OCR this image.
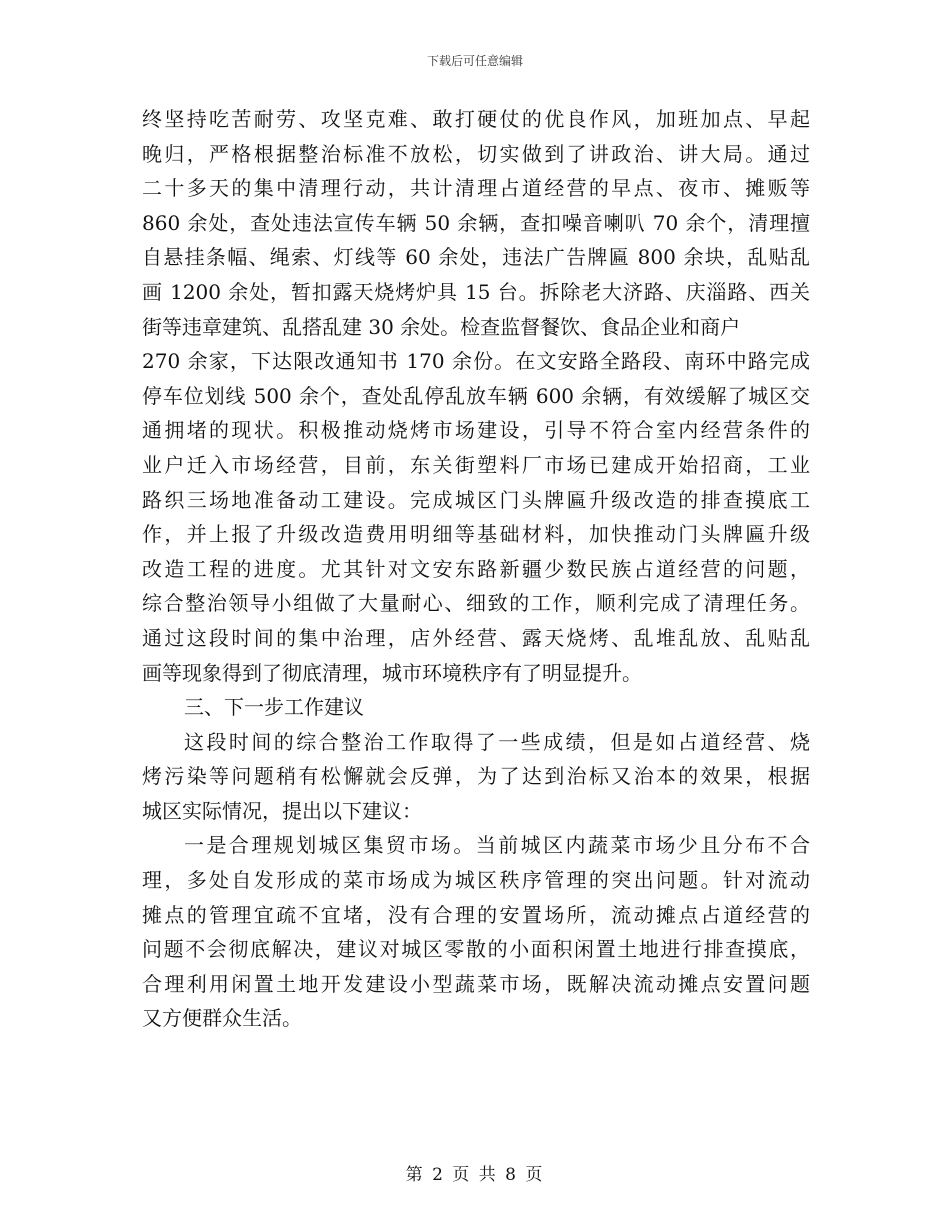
下载后可任意编辑
终坚持吃苦耐劳、攻坚克难、敢打硬仗的优良作风，加班加点、早起
晚归，严格根据整治标准不放松，切实做到了讲政治、讲大局。通过
二十多天的集中清理行动，共计清理占道经营的早点、夜市、摊贩等
860 余处，查处违法宣传车辆 50 余辆，查扣噪音喇叭 70 余个，清理擅
自悬挂条幅、绳索、灯线等 60 余处，违法广告牌匾 800 余块，乱贴乱
画 1200 余处，暂扣露天烧烤炉具 15 台。拆除老大济路、庆淄路、西关
街等违章建筑、乱搭乱建 30 余处。检查监督餐饮、食品企业和商户
270 余家，下达限改通知书 170 余份。在文安路全路段、南环中路完成
停车位划线 500 余个，查处乱停乱放车辆 600 余辆，有效缓解了城区交
通拥堵的现状。积极推动烧烤市场建设，引导不符合室内经营条件的
业户迁入市场经营，目前，东关街塑料厂市场已建成开始招商，工业
路织三场地准备动工建设。完成城区门头牌匾升级改造的排查摸底工
作，并上报了升级改造费用明细等基础材料，加快推动门头牌匾升级
改造工程的进度。尤其针对文安东路新疆少数民族占道经营的问题，
综合整治领导小组做了大量耐心、细致的工作，顺利完成了清理任务。
通过这段时间的集中治理，店外经营、露天烧烤、乱堆乱放、乱贴乱
画等现象得到了彻底清理，城市环境秩序有了明显提升。
三、下一步工作建议
这段时间的综合整治工作取得了一些成绩，但是如占道经营、烧
烤污染等问题稍有松懈就会反弹，为了达到治标又治本的效果，根据
城区实际情况，提出以下建议：
一是合理规划城区集贸市场。当前城区内蔬菜市场少且分布不合
理，多处自发形成的菜市场成为城区秩序管理的突出问题。针对流动
摊点的管理宜疏不宜堵，没有合理的安置场所，流动摊点占道经营的
问题不会彻底解决，建议对城区零散的小面积闲置土地进行排查摸底，
合理利用闲置土地开发建设小型蔬菜市场，既解决流动摊点安置问题
又方便群众生活。
第 2 页 共 8 页
